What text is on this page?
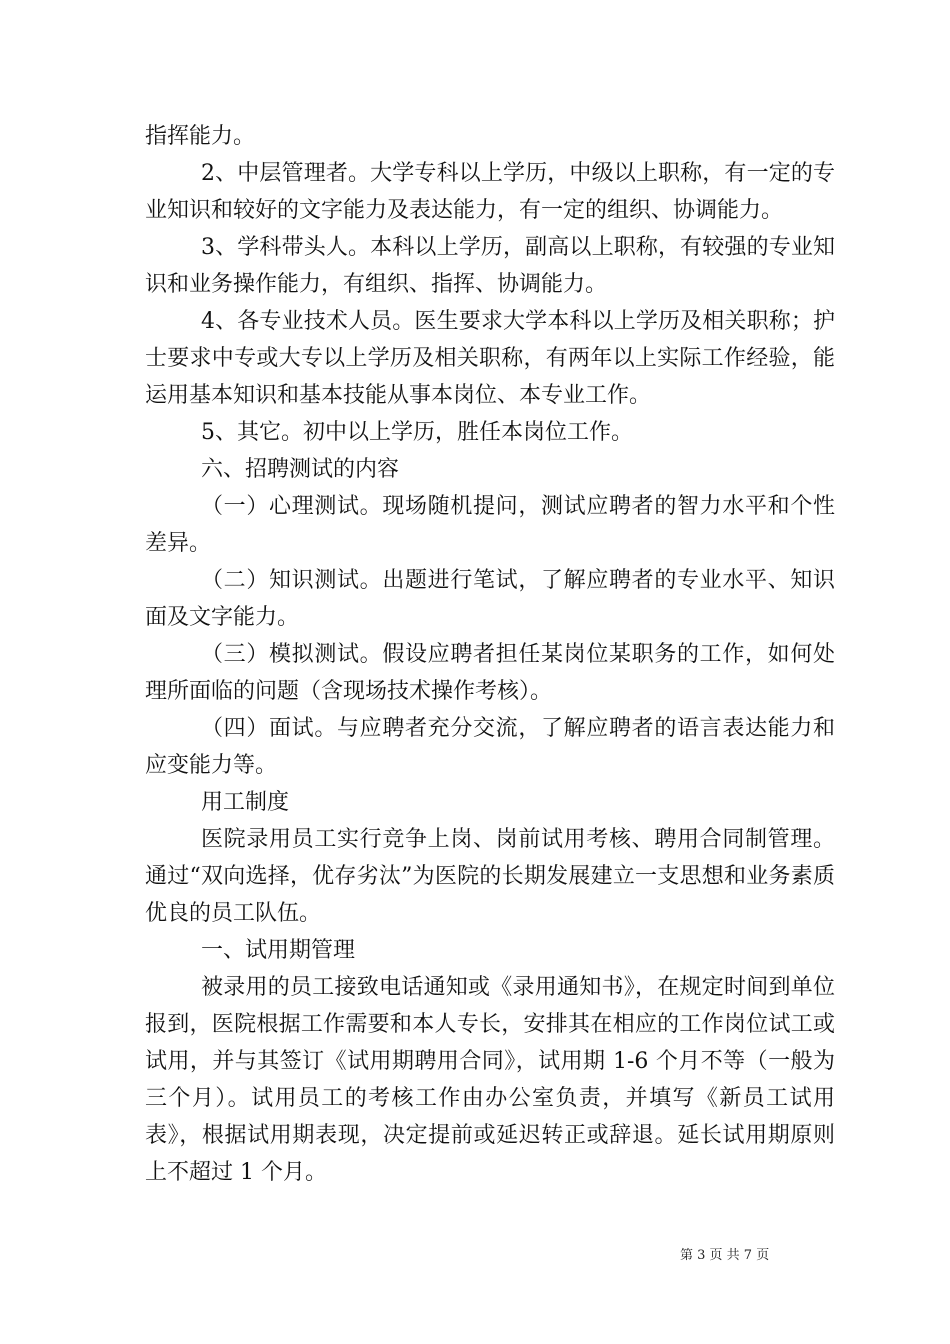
指挥能力。

2、中层管理者。大学专科以上学历，中级以上职称，有一定的专业知识和较好的文字能力及表达能力，有一定的组织、协调能力。

3、学科带头人。本科以上学历，副高以上职称，有较强的专业知识和业务操作能力，有组织、指挥、协调能力。

4、各专业技术人员。医生要求大学本科以上学历及相关职称；护士要求中专或大专以上学历及相关职称，有两年以上实际工作经验，能运用基本知识和基本技能从事本岗位、本专业工作。

5、其它。初中以上学历，胜任本岗位工作。

六、招聘测试的内容

（一）心理测试。现场随机提问，测试应聘者的智力水平和个性差异。

（二）知识测试。出题进行笔试，了解应聘者的专业水平、知识面及文字能力。

（三）模拟测试。假设应聘者担任某岗位某职务的工作，如何处理所面临的问题（含现场技术操作考核）。

（四）面试。与应聘者充分交流，了解应聘者的语言表达能力和应变能力等。

用工制度

医院录用员工实行竞争上岗、岗前试用考核、聘用合同制管理。通过“双向选择，优存劣汰”为医院的长期发展建立一支思想和业务素质优良的员工队伍。

一、试用期管理

被录用的员工接致电话通知或《录用通知书》，在规定时间到单位报到，医院根据工作需要和本人专长，安排其在相应的工作岗位试工或试用，并与其签订《试用期聘用合同》，试用期 1-6 个月不等（一般为三个月）。试用员工的考核工作由办公室负责，并填写《新员工试用表》，根据试用期表现，决定提前或延迟转正或辞退。延长试用期原则上不超过 1 个月。

第 3 页 共 7 页
